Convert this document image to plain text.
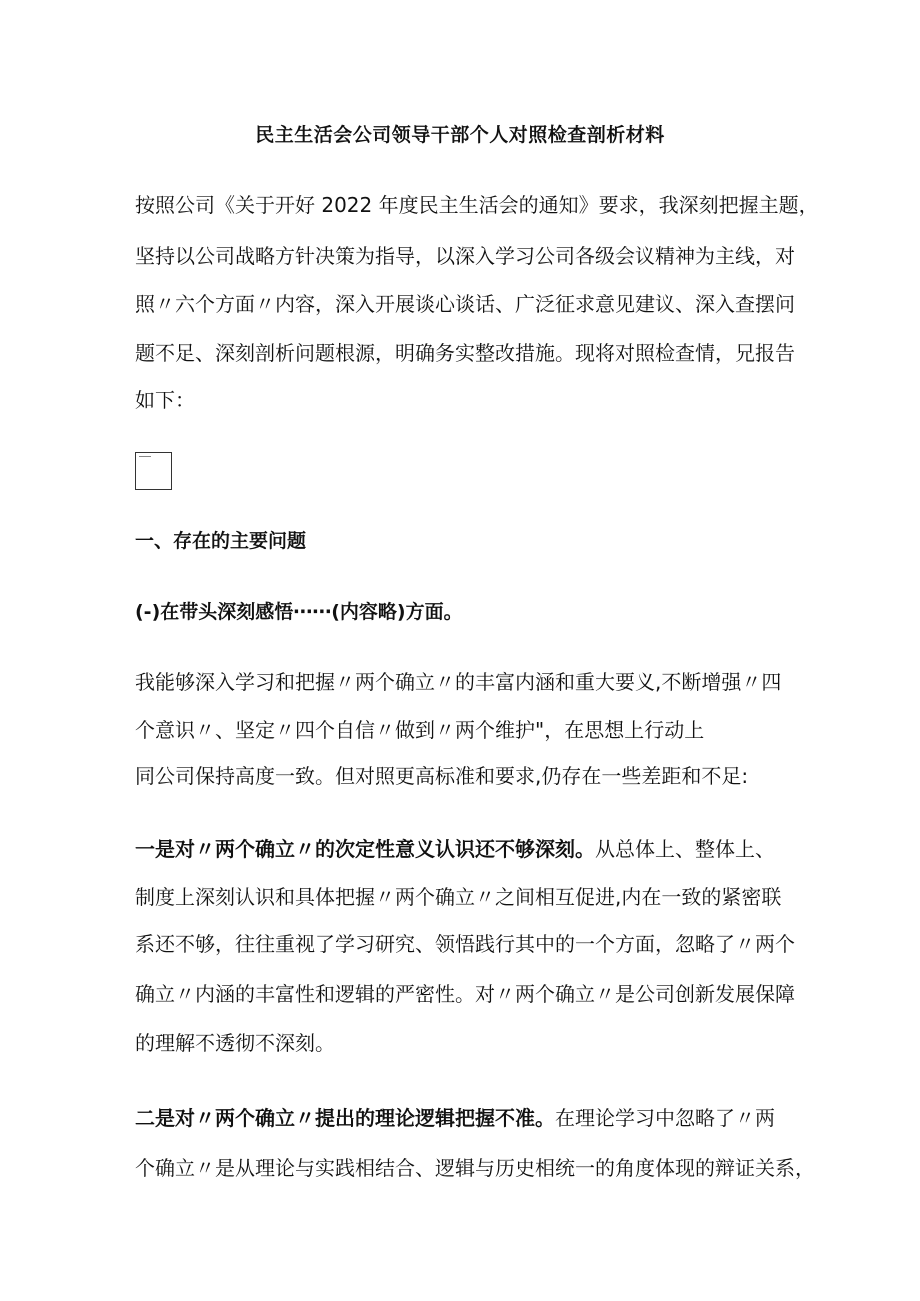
民主生活会公司领导干部个人对照检查剖析材料
按照公司《关于开好 2022 年度民主生活会的通知》要求，我深刻把握主题，
坚持以公司战略方针决策为指导，以深入学习公司各级会议精神为主线，对
照〃六个方面〃内容，深入开展谈心谈话、广泛征求意见建议、深入查摆问
题不足、深刻剖析问题根源，明确务实整改措施。现将对照检查情，兄报告
如下：
一、存在的主要问题
(-)在带头深刻感悟⋯⋯(内容略)方面。
我能够深入学习和把握〃两个确立〃的丰富内涵和重大要义,不断增强〃四
个意识〃、坚定〃四个自信〃做到〃两个维护"，在思想上行动上
同公司保持高度一致。但对照更高标准和要求,仍存在一些差距和不足:
一是对〃两个确立〃的次定性意义认识还不够深刻。从总体上、整体上、
制度上深刻认识和具体把握〃两个确立〃之间相互促进,内在一致的紧密联
系还不够，往往重视了学习研究、领悟践行其中的一个方面，忽略了〃两个
确立〃内涵的丰富性和逻辑的严密性。对〃两个确立〃是公司创新发展保障
的理解不透彻不深刻。
二是对〃两个确立〃提出的理论逻辑把握不准。在理论学习中忽略了〃两
个确立〃是从理论与实践相结合、逻辑与历史相统一的角度体现的辩证关系，
